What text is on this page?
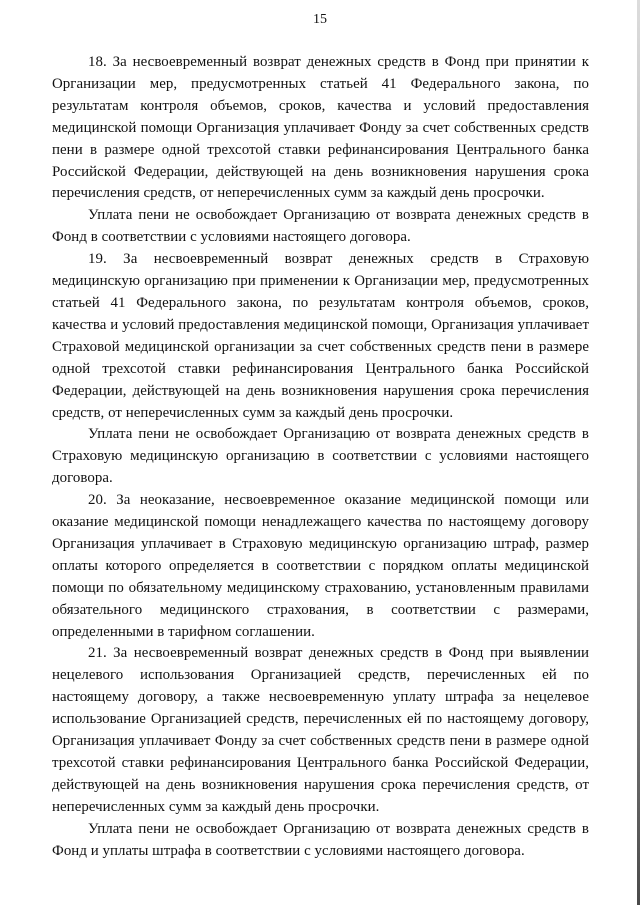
15

18. За несвоевременный возврат денежных средств в Фонд при принятии к Организации мер, предусмотренных статьей 41 Федерального закона, по результатам контроля объемов, сроков, качества и условий предоставления медицинской помощи Организация уплачивает Фонду за счет собственных средств пени в размере одной трехсотой ставки рефинансирования Центрального банка Российской Федерации, действующей на день возникновения нарушения срока перечисления средств, от неперечисленных сумм за каждый день просрочки.

Уплата пени не освобождает Организацию от возврата денежных средств в Фонд в соответствии с условиями настоящего договора.

19. За несвоевременный возврат денежных средств в Страховую медицинскую организацию при применении к Организации мер, предусмотренных статьей 41 Федерального закона, по результатам контроля объемов, сроков, качества и условий предоставления медицинской помощи, Организация уплачивает Страховой медицинской организации за счет собственных средств пени в размере одной трехсотой ставки рефинансирования Центрального банка Российской Федерации, действующей на день возникновения нарушения срока перечисления средств, от неперечисленных сумм за каждый день просрочки.

Уплата пени не освобождает Организацию от возврата денежных средств в Страховую медицинскую организацию в соответствии с условиями настоящего договора.

20. За неоказание, несвоевременное оказание медицинской помощи или оказание медицинской помощи ненадлежащего качества по настоящему договору Организация уплачивает в Страховую медицинскую организацию штраф, размер оплаты которого определяется в соответствии с порядком оплаты медицинской помощи по обязательному медицинскому страхованию, установленным правилами обязательного медицинского страхования, в соответствии с размерами, определенными в тарифном соглашении.

21. За несвоевременный возврат денежных средств в Фонд при выявлении нецелевого использования Организацией средств, перечисленных ей по настоящему договору, а также несвоевременную уплату штрафа за нецелевое использование Организацией средств, перечисленных ей по настоящему договору, Организация уплачивает Фонду за счет собственных средств пени в размере одной трехсотой ставки рефинансирования Центрального банка Российской Федерации, действующей на день возникновения нарушения срока перечисления средств, от неперечисленных сумм за каждый день просрочки.

Уплата пени не освобождает Организацию от возврата денежных средств в Фонд и уплаты штрафа в соответствии с условиями настоящего договора.
